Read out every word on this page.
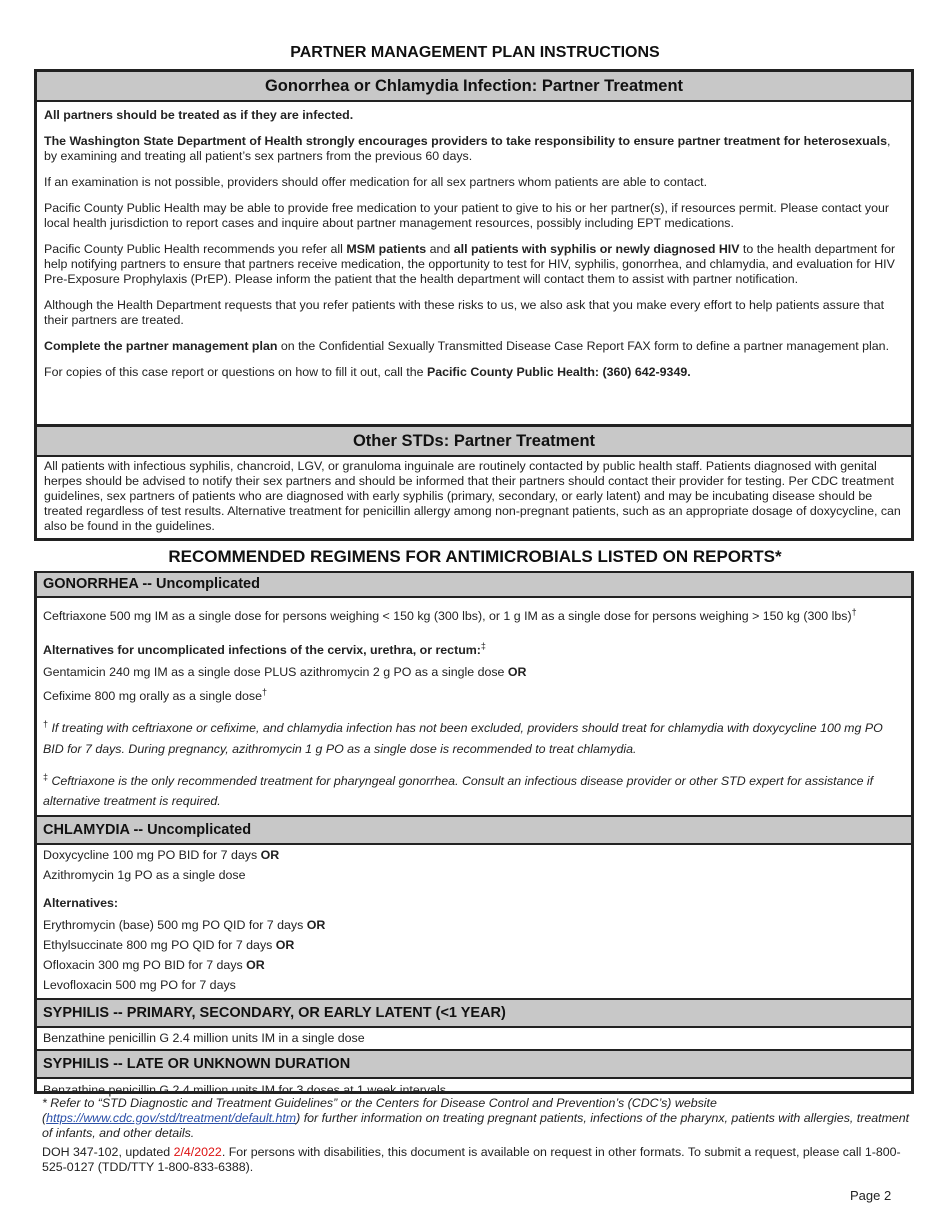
PARTNER MANAGEMENT PLAN INSTRUCTIONS
Gonorrhea or Chlamydia Infection: Partner Treatment

All partners should be treated as if they are infected.

The Washington State Department of Health strongly encourages providers to take responsibility to ensure partner treatment for heterosexuals, by examining and treating all patient’s sex partners from the previous 60 days.

If an examination is not possible, providers should offer medication for all sex partners whom patients are able to contact.

Pacific County Public Health may be able to provide free medication to your patient to give to his or her partner(s), if resources permit. Please contact your local health jurisdiction to report cases and inquire about partner management resources, possibly including EPT medications.

Pacific County Public Health recommends you refer all MSM patients and all patients with syphilis or newly diagnosed HIV to the health department for help notifying partners to ensure that partners receive medication, the opportunity to test for HIV, syphilis, gonorrhea, and chlamydia, and evaluation for HIV Pre-Exposure Prophylaxis (PrEP). Please inform the patient that the health department will contact them to assist with partner notification.

Although the Health Department requests that you refer patients with these risks to us, we also ask that you make every effort to help patients assure that their partners are treated.

Complete the partner management plan on the Confidential Sexually Transmitted Disease Case Report FAX form to define a partner management plan.

For copies of this case report or questions on how to fill it out, call the Pacific County Public Health: (360) 642-9349.

Other STDs: Partner Treatment

All patients with infectious syphilis, chancroid, LGV, or granuloma inguinale are routinely contacted by public health staff. Patients diagnosed with genital herpes should be advised to notify their sex partners and should be informed that their partners should contact their provider for testing. Per CDC treatment guidelines, sex partners of patients who are diagnosed with early syphilis (primary, secondary, or early latent) and may be incubating disease should be treated regardless of test results. Alternative treatment for penicillin allergy among non-pregnant patients, such as an appropriate dosage of doxycycline, can also be found in the guidelines.

RECOMMENDED REGIMENS FOR ANTIMICROBIALS LISTED ON REPORTS*
GONORRHEA -- Uncomplicated

Ceftriaxone 500 mg IM as a single dose for persons weighing < 150 kg (300 lbs), or 1 g IM as a single dose for persons weighing > 150 kg (300 lbs)†

Alternatives for uncomplicated infections of the cervix, urethra, or rectum:‡

Gentamicin 240 mg IM as a single dose PLUS azithromycin 2 g PO as a single dose OR

Cefixime 800 mg orally as a single dose†

† If treating with ceftriaxone or cefixime, and chlamydia infection has not been excluded, providers should treat for chlamydia with doxycycline 100 mg PO BID for 7 days. During pregnancy, azithromycin 1 g PO as a single dose is recommended to treat chlamydia.

‡ Ceftriaxone is the only recommended treatment for pharyngeal gonorrhea. Consult an infectious disease provider or other STD expert for assistance if alternative treatment is required.

CHLAMYDIA -- Uncomplicated

Doxycycline 100 mg PO BID for 7 days OR

Azithromycin 1g PO as a single dose

Alternatives:

Erythromycin (base) 500 mg PO QID for 7 days OR

Ethylsuccinate 800 mg PO QID for 7 days OR

Ofloxacin 300 mg PO BID for 7 days OR

Levofloxacin 500 mg PO for 7 days

SYPHILIS -- PRIMARY, SECONDARY, OR EARLY LATENT (<1 YEAR)

Benzathine penicillin G 2.4 million units IM in a single dose

SYPHILIS -- LATE OR UNKNOWN DURATION

Benzathine penicillin G 2.4 million units IM for 3 doses at 1 week intervals

* Refer to “STD Diagnostic and Treatment Guidelines” or the Centers for Disease Control and Prevention’s (CDC’s) website (https://www.cdc.gov/std/treatment/default.htm) for further information on treating pregnant patients, infections of the pharynx, patients with allergies, treatment of infants, and other details.
DOH 347-102, updated 2/4/2022. For persons with disabilities, this document is available on request in other formats. To submit a request, please call 1-800-525-0127 (TDD/TTY 1-800-833-6388).
Page 2
